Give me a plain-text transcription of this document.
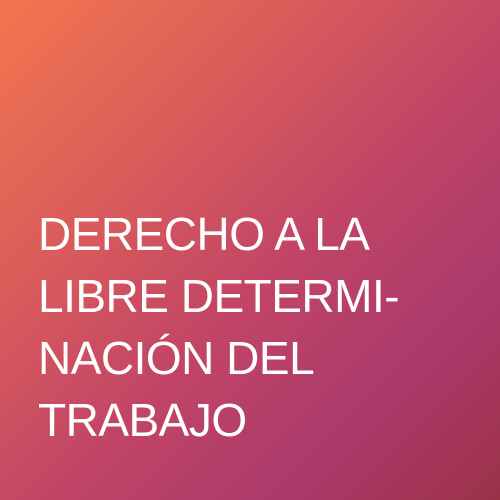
DERECHO A LA
LIBRE DETERMI-
NACIÓN DEL
TRABAJO
